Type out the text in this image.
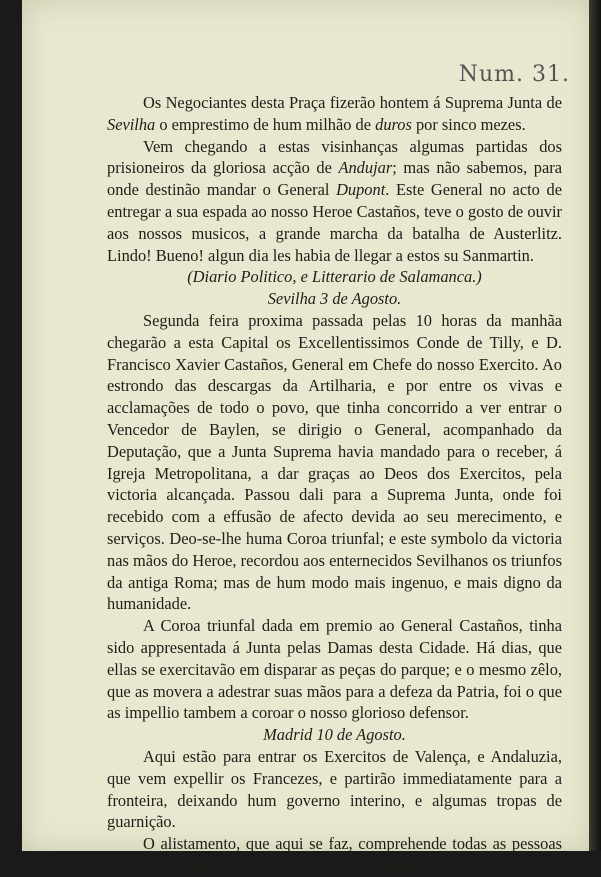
Num. 31.

Os Negociantes desta Praça fizerão hontem á Suprema Junta de Sevilha o emprestimo de hum milhão de duros por sinco mezes.

Vem chegando a estas visinhanças algumas partidas dos prisioneiros da gloriosa acção de Andujar; mas não sabemos, para onde destinão mandar o General Dupont. Este General no acto de entregar a sua espada ao nosso Heroe Castaños, teve o gosto de ouvir aos nossos musicos, a grande marcha da batalha de Austerlitz. Lindo! Bueno! algun dia les habia de llegar a estos su Sanmartin.

(Diario Politico, e Litterario de Salamanca.)

Sevilha 3 de Agosto.

Segunda feira proxima passada pelas 10 horas da manhãa chegarão a esta Capital os Excellentissimos Conde de Tilly, e D. Francisco Xavier Castaños, General em Chefe do nosso Exercito. Ao estrondo das descargas da Artilharia, e por entre os vivas e acclamações de todo o povo, que tinha concorrido a ver entrar o Vencedor de Baylen, se dirigio o General, acompanhado da Deputação, que a Junta Suprema havia mandado para o receber, á Igreja Metropolitana, a dar graças ao Deos dos Exercitos, pela victoria alcançada. Passou dali para a Suprema Junta, onde foi recebido com a effusão de afecto devida ao seu merecimento, e serviços. Deo-se-lhe huma Coroa triunfal; e este symbolo da victoria nas mãos do Heroe, recordou aos enternecidos Sevilhanos os triunfos da antiga Roma; mas de hum modo mais ingenuo, e mais digno da humanidade.

A Coroa triunfal dada em premio ao General Castaños, tinha sido appresentada á Junta pelas Damas desta Cidade. Há dias, que ellas se exercitavão em disparar as peças do parque; e o mesmo zêlo, que as movera a adestrar suas mãos para a defeza da Patria, foi o que as impellio tambem a coroar o nosso glorioso defensor.

Madrid 10 de Agosto.

Aqui estão para entrar os Exercitos de Valença, e Andaluzia, que vem expellir os Francezes, e partirão immediatamente para a fronteira, deixando hum governo interino, e algumas tropas de guarnição.

O alistamento, que aqui se faz, comprehende todas as pessoas de 18 até 50 annos de idade, não se exceptuando ninguem.
